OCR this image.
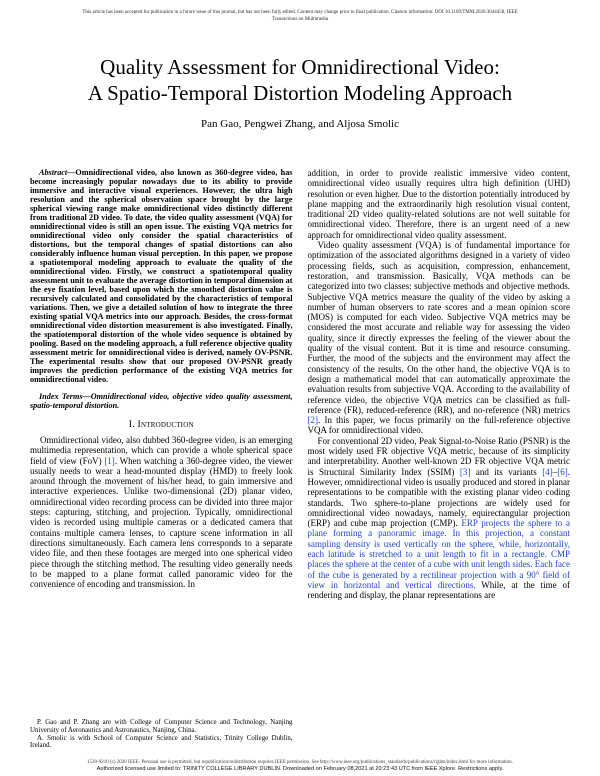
This article has been accepted for publication in a future issue of this journal, but has not been fully edited. Content may change prior to final publication. Citation information: DOI 10.1109/TMM.2020.3044458, IEEE
Transactions on Multimedia
Quality Assessment for Omnidirectional Video:
A Spatio-Temporal Distortion Modeling Approach
Pan Gao, Pengwei Zhang, and Aljosa Smolic

Abstract—Omnidirectional video, also known as 360-degree video, has become increasingly popular nowadays due to its ability to provide immersive and interactive visual experiences. However, the ultra high resolution and the spherical observation space brought by the large spherical viewing range make omnidirectional video distinctly different from traditional 2D video. To date, the video quality assessment (VQA) for omnidirectional video is still an open issue. The existing VQA metrics for omnidirectional video only consider the spatial characteristics of distortions, but the temporal changes of spatial distortions can also considerably influence human visual perception. In this paper, we propose a spatiotemporal modeling approach to evaluate the quality of the omnidirectional video. Firstly, we construct a spatiotemporal quality assessment unit to evaluate the average distortion in temporal dimension at the eye fixation level, based upon which the smoothed distortion value is recursively calculated and consolidated by the characteristics of temporal variations. Then, we give a detailed solution of how to integrate the three existing spatial VQA metrics into our approach. Besides, the cross-format omnidirectional video distortion measurement is also investigated. Finally, the spatiotemporal distortion of the whole video sequence is obtained by pooling. Based on the modeling approach, a full reference objective quality assessment metric for omnidirectional video is derived, namely OV-PSNR. The experimental results show that our proposed OV-PSNR greatly improves the prediction performance of the existing VQA metrics for omnidirectional video.

Index Terms—Omnidirectional video, objective video quality assessment, spatio-temporal distortion.

I. Introduction

Omnidirectional video, also dubbed 360-degree video, is an emerging multimedia representation, which can provide a whole spherical space field of view (FoV) [1]. When watching a 360-degree video, the viewer usually needs to wear a head-mounted display (HMD) to freely look around through the movement of his/her head, to gain immersive and interactive experiences. Unlike two-dimensional (2D) planar video, omnidirectional video recording process can be divided into three major steps: capturing, stitching, and projection. Typically, omnidirectional video is recorded using multiple cameras or a dedicated camera that contains multiple camera lenses, to capture scene information in all directions simultaneously. Each camera lens corresponds to a separate video file, and then these footages are merged into one spherical video piece through the stitching method. The resulting video generally needs to be mapped to a plane format called panoramic video for the convenience of encoding and transmission. In

P. Gao and P. Zhang are with College of Computer Science and Technology, Nanjing University of Aeronautics and Astronautics, Nanjing, China.

A. Smolic is with School of Computer Science and Statistics, Trinity College Dublin, Ireland.

addition, in order to provide realistic immersive video content, omnidirectional video usually requires ultra high definition (UHD) resolution or even higher. Due to the distortion potentially introduced by plane mapping and the extraordinarily high resolution visual content, traditional 2D video quality-related solutions are not well suitable for omnidirectional video. Therefore, there is an urgent need of a new approach for omnidirectional video quality assessment.

Video quality assessment (VQA) is of fundamental importance for optimization of the associated algorithms designed in a variety of video processing fields, such as acquisition, compression, enhancement, restoration, and transmission. Basically, VQA methods can be categorized into two classes: subjective methods and objective methods. Subjective VQA metrics measure the quality of the video by asking a number of human observers to rate scores and a mean opinion score (MOS) is computed for each video. Subjective VQA metrics may be considered the most accurate and reliable way for assessing the video quality, since it directly expresses the feeling of the viewer about the quality of the visual content. But it is time and resource consuming. Further, the mood of the subjects and the environment may affect the consistency of the results. On the other hand, the objective VQA is to design a mathematical model that can automatically approximate the evaluation results from subjective VQA. According to the availability of reference video, the objective VQA metrics can be classified as full-reference (FR), reduced-reference (RR), and no-reference (NR) metrics [2]. In this paper, we focus primarily on the full-reference objective VQA for omnidirectional video.

For conventional 2D video, Peak Signal-to-Noise Ratio (PSNR) is the most widely used FR objective VQA metric, because of its simplicity and interpretability. Another well-known 2D FR objective VQA metric is Structural Similarity Index (SSIM) [3] and its variants [4]–[6]. However, omnidirectional video is usually produced and stored in planar representations to be compatible with the existing planar video coding standards. Two sphere-to-plane projections are widely used for omnidirectional video nowadays, namely, equirectangular projection (ERP) and cube map projection (CMP). ERP projects the sphere to a plane forming a panoramic image. In this projection, a constant sampling density is used vertically on the sphere, while, horizontally, each latitude is stretched to a unit length to fit in a rectangle. CMP places the sphere at the center of a cube with unit length sides. Each face of the cube is generated by a rectilinear projection with a 90° field of view in horizontal and vertical directions. While, at the time of rendering and display, the planar representations are

1520-9210 (c) 2020 IEEE. Personal use is permitted, but republication/redistribution requires IEEE permission. See http://www.ieee.org/publications_standards/publications/rights/index.html for more information.
Authorized licensed use limited to: TRINITY COLLEGE LIBRARY DUBLIN. Downloaded on February 08,2021 at 20:23:43 UTC from IEEE Xplore. Restrictions apply.
